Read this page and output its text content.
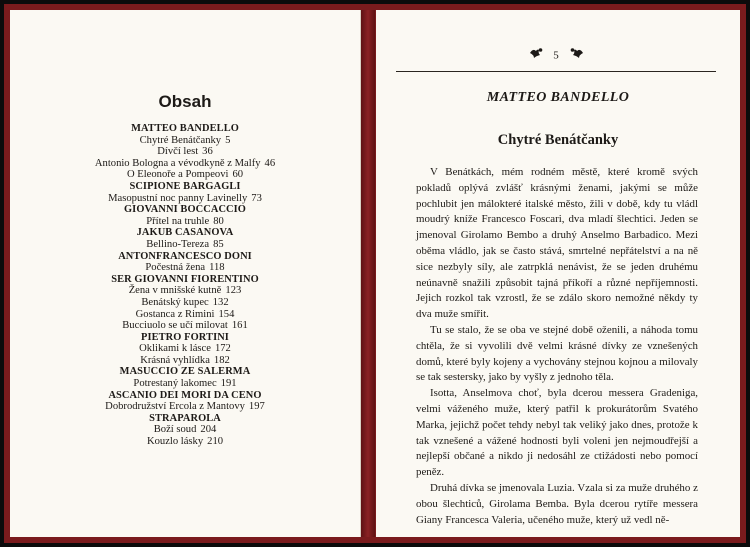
Obsah
MATTEO BANDELLO
Chytré Benátčanky 5
Dívčí lest 36
Antonio Bologna a vévodkyně z Malfy 46
O Eleonoře a Pompeovi 60
SCIPIONE BARGAGLI
Masopustní noc panny Lavinelly 73
GIOVANNI BOCCACCIO
Přítel na truhle 80
JAKUB CASANOVA
Bellino-Tereza 85
ANTONFRANCESCO DONI
Počestná žena 118
SER GIOVANNI FIORENTINO
Žena v mnišské kutně 123
Benátský kupec 132
Gostanca z Rimini 154
Bucciuolo se učí milovat 161
PIETRO FORTINI
Oklikami k lásce 172
Krásná vyhlídka 182
MASUCCIO ZE SALERMA
Potrestaný lakomec 191
ASCANIO DEI MORI DA CENO
Dobrodružství Ercola z Mantovy 197
STRAPAROLA
Boží soud 204
Kouzlo lásky 210
5
MATTEO BANDELLO
Chytré Benátčanky

V Benátkách, mém rodném městě, které kromě svých pokladů oplývá zvlášť krásnými ženami, jakými se může pochlubit jen málokteré italské město, žili v době, kdy tu vládl moudrý kníže Francesco Foscari, dva mladí šlechtici. Jeden se jmenoval Girolamo Bembo a druhý Anselmo Barbadico. Mezi oběma vládlo, jak se často stává, smrtelné nepřátelství a na ně sice nezbyly síly, ale zatrpklá nenávist, že se jeden druhému neúnavně snažili způsobit tajná příkoří a různé nepříjemnosti. Jejich rozkol tak vzrostl, že se zdálo skoro nemožné někdy ty dva muže smířit.

Tu se stalo, že se oba ve stejné době oženili, a náhoda tomu chtěla, že si vyvolili dvě velmi krásné dívky ze vznešených domů, které byly kojeny a vychovány stejnou kojnou a milovaly se tak sestersky, jako by vyšly z jednoho těla.

Isotta, Anselmova choť, byla dcerou messera Gradeniga, velmi váženého muže, který patřil k prokurátorům Svatého Marka, jejichž počet tehdy nebyl tak veliký jako dnes, protože k tak vznešené a vážené hodnosti byli voleni jen nejmoudřejší a nejlepší občané a nikdo ji nedosáhl ze ctižádosti nebo pomocí peněz.

Druhá dívka se jmenovala Luzia. Vzala si za muže druhého z obou šlechticů, Girolama Bemba. Byla dcerou rytíře messera Giany Francesca Valeria, učeného muže, který už vedl ně-
